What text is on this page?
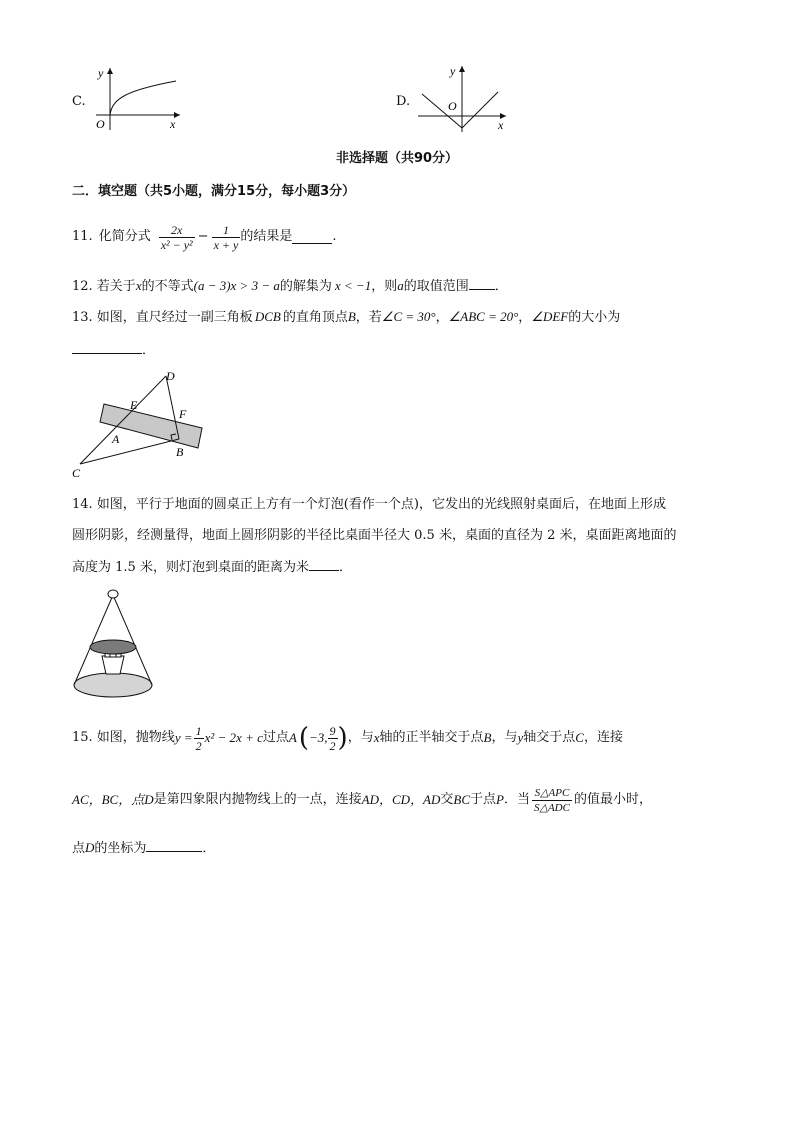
C.
y
x
O
D.
y
x
O
非选择题（共90分）
二．填空题（共5小题，满分15分，每小题3分）
11. 化简分式 $\frac{2x}{\text{x² − y²}} - \frac{1}{x + y}$ 的结果是	.
12. 若关于x的不等式(a − 3)x > 3 − a的解集为 x < −1，则a的取值范围 ．
13. 如图，直尺经过一副三角板 DCB 的直角顶点B，若∠C = 30°，∠ABC = 20°，∠DEF的大小为
．
D
E
F
A
B
C
14. 如图，平行于地面的圆桌正上方有一个灯泡(看作一个点)，它发出的光线照射桌面后，在地面上形成
圆形阴影，经测量得，地面上圆形阴影的半径比桌面半径大 0.5 米，桌面的直径为 2 米，桌面距离地面的
高度为 1.5 米，则灯泡到桌面的距离为米 ．
15. 如图，抛物线 $y = \frac{1}{2} x^2 - 2x + c$ 过点 A ( −3, $\frac{9}{2}$ ) ，与 x 轴的正半轴交于点 B ，与 y 轴交于点 C ，连接
AC，BC，点 D 是第四象限内抛物线上的一点，连接 AD，CD，AD 交 BC 于点 P ．当 $\frac{\text{S△APC}}{\text{S△ADC}}$ 的值最小时，
点D的坐标为	．
